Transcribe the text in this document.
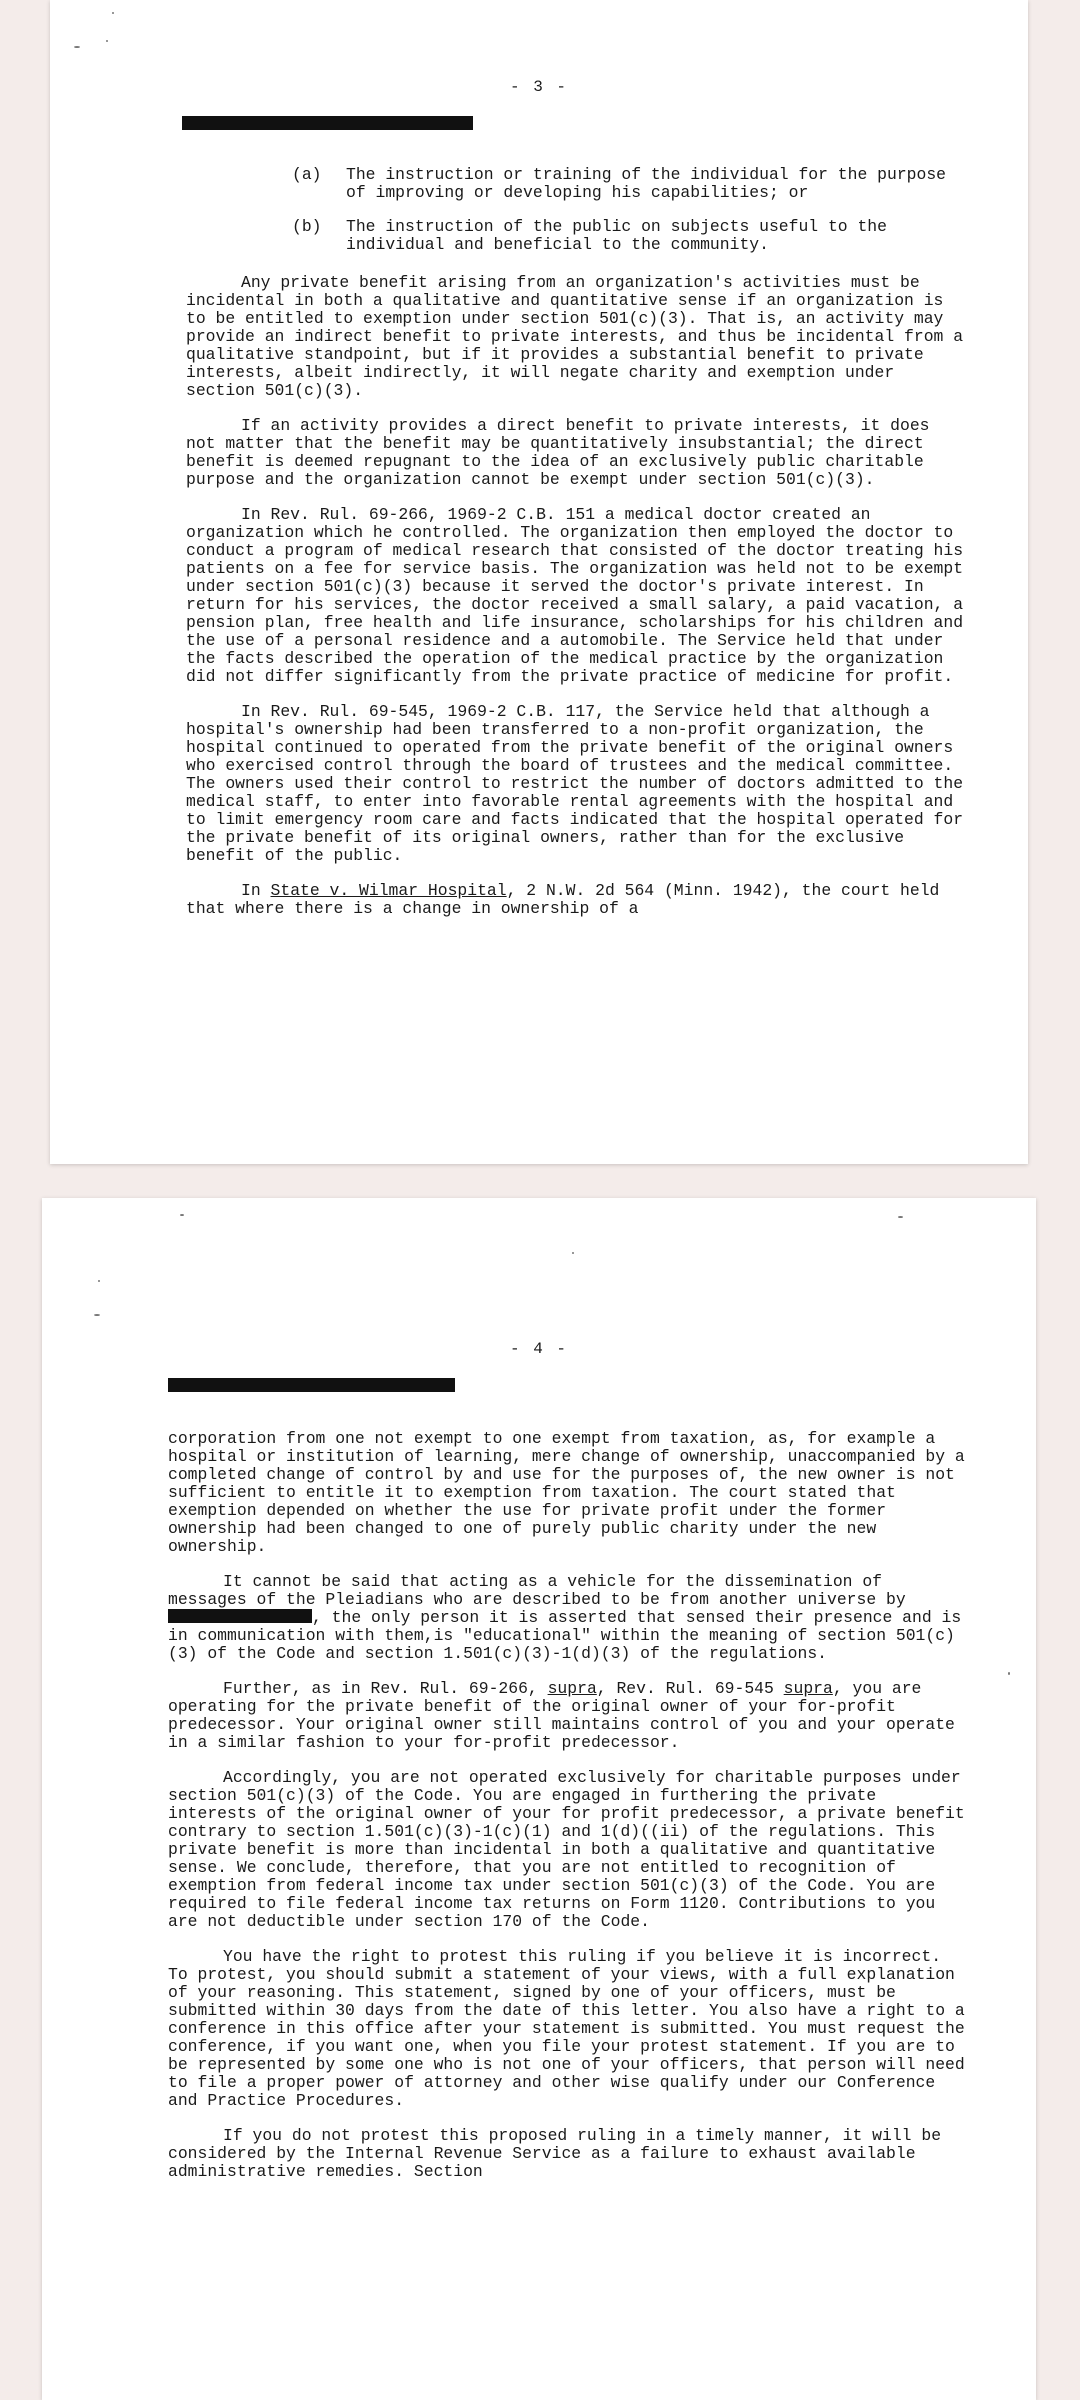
- 3 -
(a)	The instruction or training of the individual for the purpose of improving or developing his capabilities; or
(b)	The instruction of the public on subjects useful to the individual and beneficial to the community.

Any private benefit arising from an organization's activities must be incidental in both a qualitative and quantitative sense if an organization is to be entitled to exemption under section 501(c)(3). That is, an activity may provide an indirect benefit to private interests, and thus be incidental from a qualitative standpoint, but if it provides a substantial benefit to private interests, albeit indirectly, it will negate charity and exemption under section 501(c)(3).

If an activity provides a direct benefit to private interests, it does not matter that the benefit may be quantitatively insubstantial; the direct benefit is deemed repugnant to the idea of an exclusively public charitable purpose and the organization cannot be exempt under section 501(c)(3).

In Rev. Rul. 69-266, 1969-2 C.B. 151 a medical doctor created an organization which he controlled. The organization then employed the doctor to conduct a program of medical research that consisted of the doctor treating his patients on a fee for service basis. The organization was held not to be exempt under section 501(c)(3) because it served the doctor's private interest. In return for his services, the doctor received a small salary, a paid vacation, a pension plan, free health and life insurance, scholarships for his children and the use of a personal residence and a automobile. The Service held that under the facts described the operation of the medical practice by the organization did not differ significantly from the private practice of medicine for profit.

In Rev. Rul. 69-545, 1969-2 C.B. 117, the Service held that although a hospital's ownership had been transferred to a non-profit organization, the hospital continued to operated from the private benefit of the original owners who exercised control through the board of trustees and the medical committee. The owners used their control to restrict the number of doctors admitted to the medical staff, to enter into favorable rental agreements with the hospital and to limit emergency room care and facts indicated that the hospital operated for the private benefit of its original owners, rather than for the exclusive benefit of the public.

In State v. Wilmar Hospital, 2 N.W. 2d 564 (Minn. 1942), the court held that where there is a change in ownership of a

- 4 -

corporation from one not exempt to one exempt from taxation, as, for example a hospital or institution of learning, mere change of ownership, unaccompanied by a completed change of control by and use for the purposes of, the new owner is not sufficient to entitle it to exemption from taxation. The court stated that exemption depended on whether the use for private profit under the former ownership had been changed to one of purely public charity under the new ownership.

It cannot be said that acting as a vehicle for the dissemination of messages of the Pleiadians who are described to be from another universe by , the only person it is asserted that sensed their presence and is in communication with them,is "educational" within the meaning of section 501(c)(3) of the Code and section 1.501(c)(3)-1(d)(3) of the regulations.

Further, as in Rev. Rul. 69-266, supra, Rev. Rul. 69-545 supra, you are operating for the private benefit of the original owner of your for-profit predecessor. Your original owner still maintains control of you and your operate in a similar fashion to your for-profit predecessor.

Accordingly, you are not operated exclusively for charitable purposes under section 501(c)(3) of the Code. You are engaged in furthering the private interests of the original owner of your for profit predecessor, a private benefit contrary to section 1.501(c)(3)-1(c)(1) and 1(d)((ii) of the regulations. This private benefit is more than incidental in both a qualitative and quantitative sense. We conclude, therefore, that you are not entitled to recognition of exemption from federal income tax under section 501(c)(3) of the Code. You are required to file federal income tax returns on Form 1120. Contributions to you are not deductible under section 170 of the Code.

You have the right to protest this ruling if you believe it is incorrect. To protest, you should submit a statement of your views, with a full explanation of your reasoning. This statement, signed by one of your officers, must be submitted within 30 days from the date of this letter. You also have a right to a conference in this office after your statement is submitted. You must request the conference, if you want one, when you file your protest statement. If you are to be represented by some one who is not one of your officers, that person will need to file a proper power of attorney and other wise qualify under our Conference and Practice Procedures.

If you do not protest this proposed ruling in a timely manner, it will be considered by the Internal Revenue Service as a failure to exhaust available administrative remedies. Section
